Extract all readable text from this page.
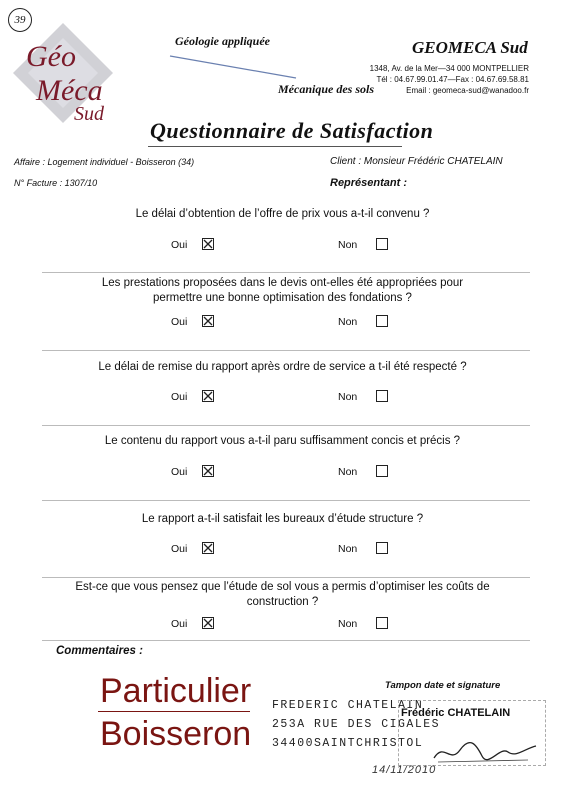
39
Géo
Méca
Sud
Géologie appliquée
Mécanique des sols
GEOMECA Sud
1348, Av. de la Mer—34 000 MONTPELLIER
Tél : 04.67.99.01.47—Fax : 04.67.69.58.81
Email : geomeca-sud@wanadoo.fr
Questionnaire de Satisfaction
Affaire : Logement individuel - Boisseron (34)
N° Facture : 1307/10
Client : Monsieur Frédéric CHATELAIN
Représentant :
Le délai d’obtention de l’offre de prix vous a-t-il convenu ?
Oui	Non
Les prestations proposées dans le devis ont-elles été appropriées pour
permettre une bonne optimisation des fondations ?
Oui	Non
Le délai de remise du rapport après ordre de service a t-il été respecté ?
Oui	Non
Le contenu du rapport vous a-t-il paru suffisamment concis et précis ?
Oui	Non
Le rapport a-t-il satisfait les bureaux d’étude structure ?
Oui	Non
Est-ce que vous pensez que l’étude de sol vous a permis d’optimiser les coûts de
construction ?
Oui	Non
Commentaires :
Particulier
Boisseron
Tampon date et signature
FREDERIC CHATELAIN
253A RUE DES CIGALES
34400SAINTCHRISTOL
Frédéric CHATELAIN
14/11/2010
